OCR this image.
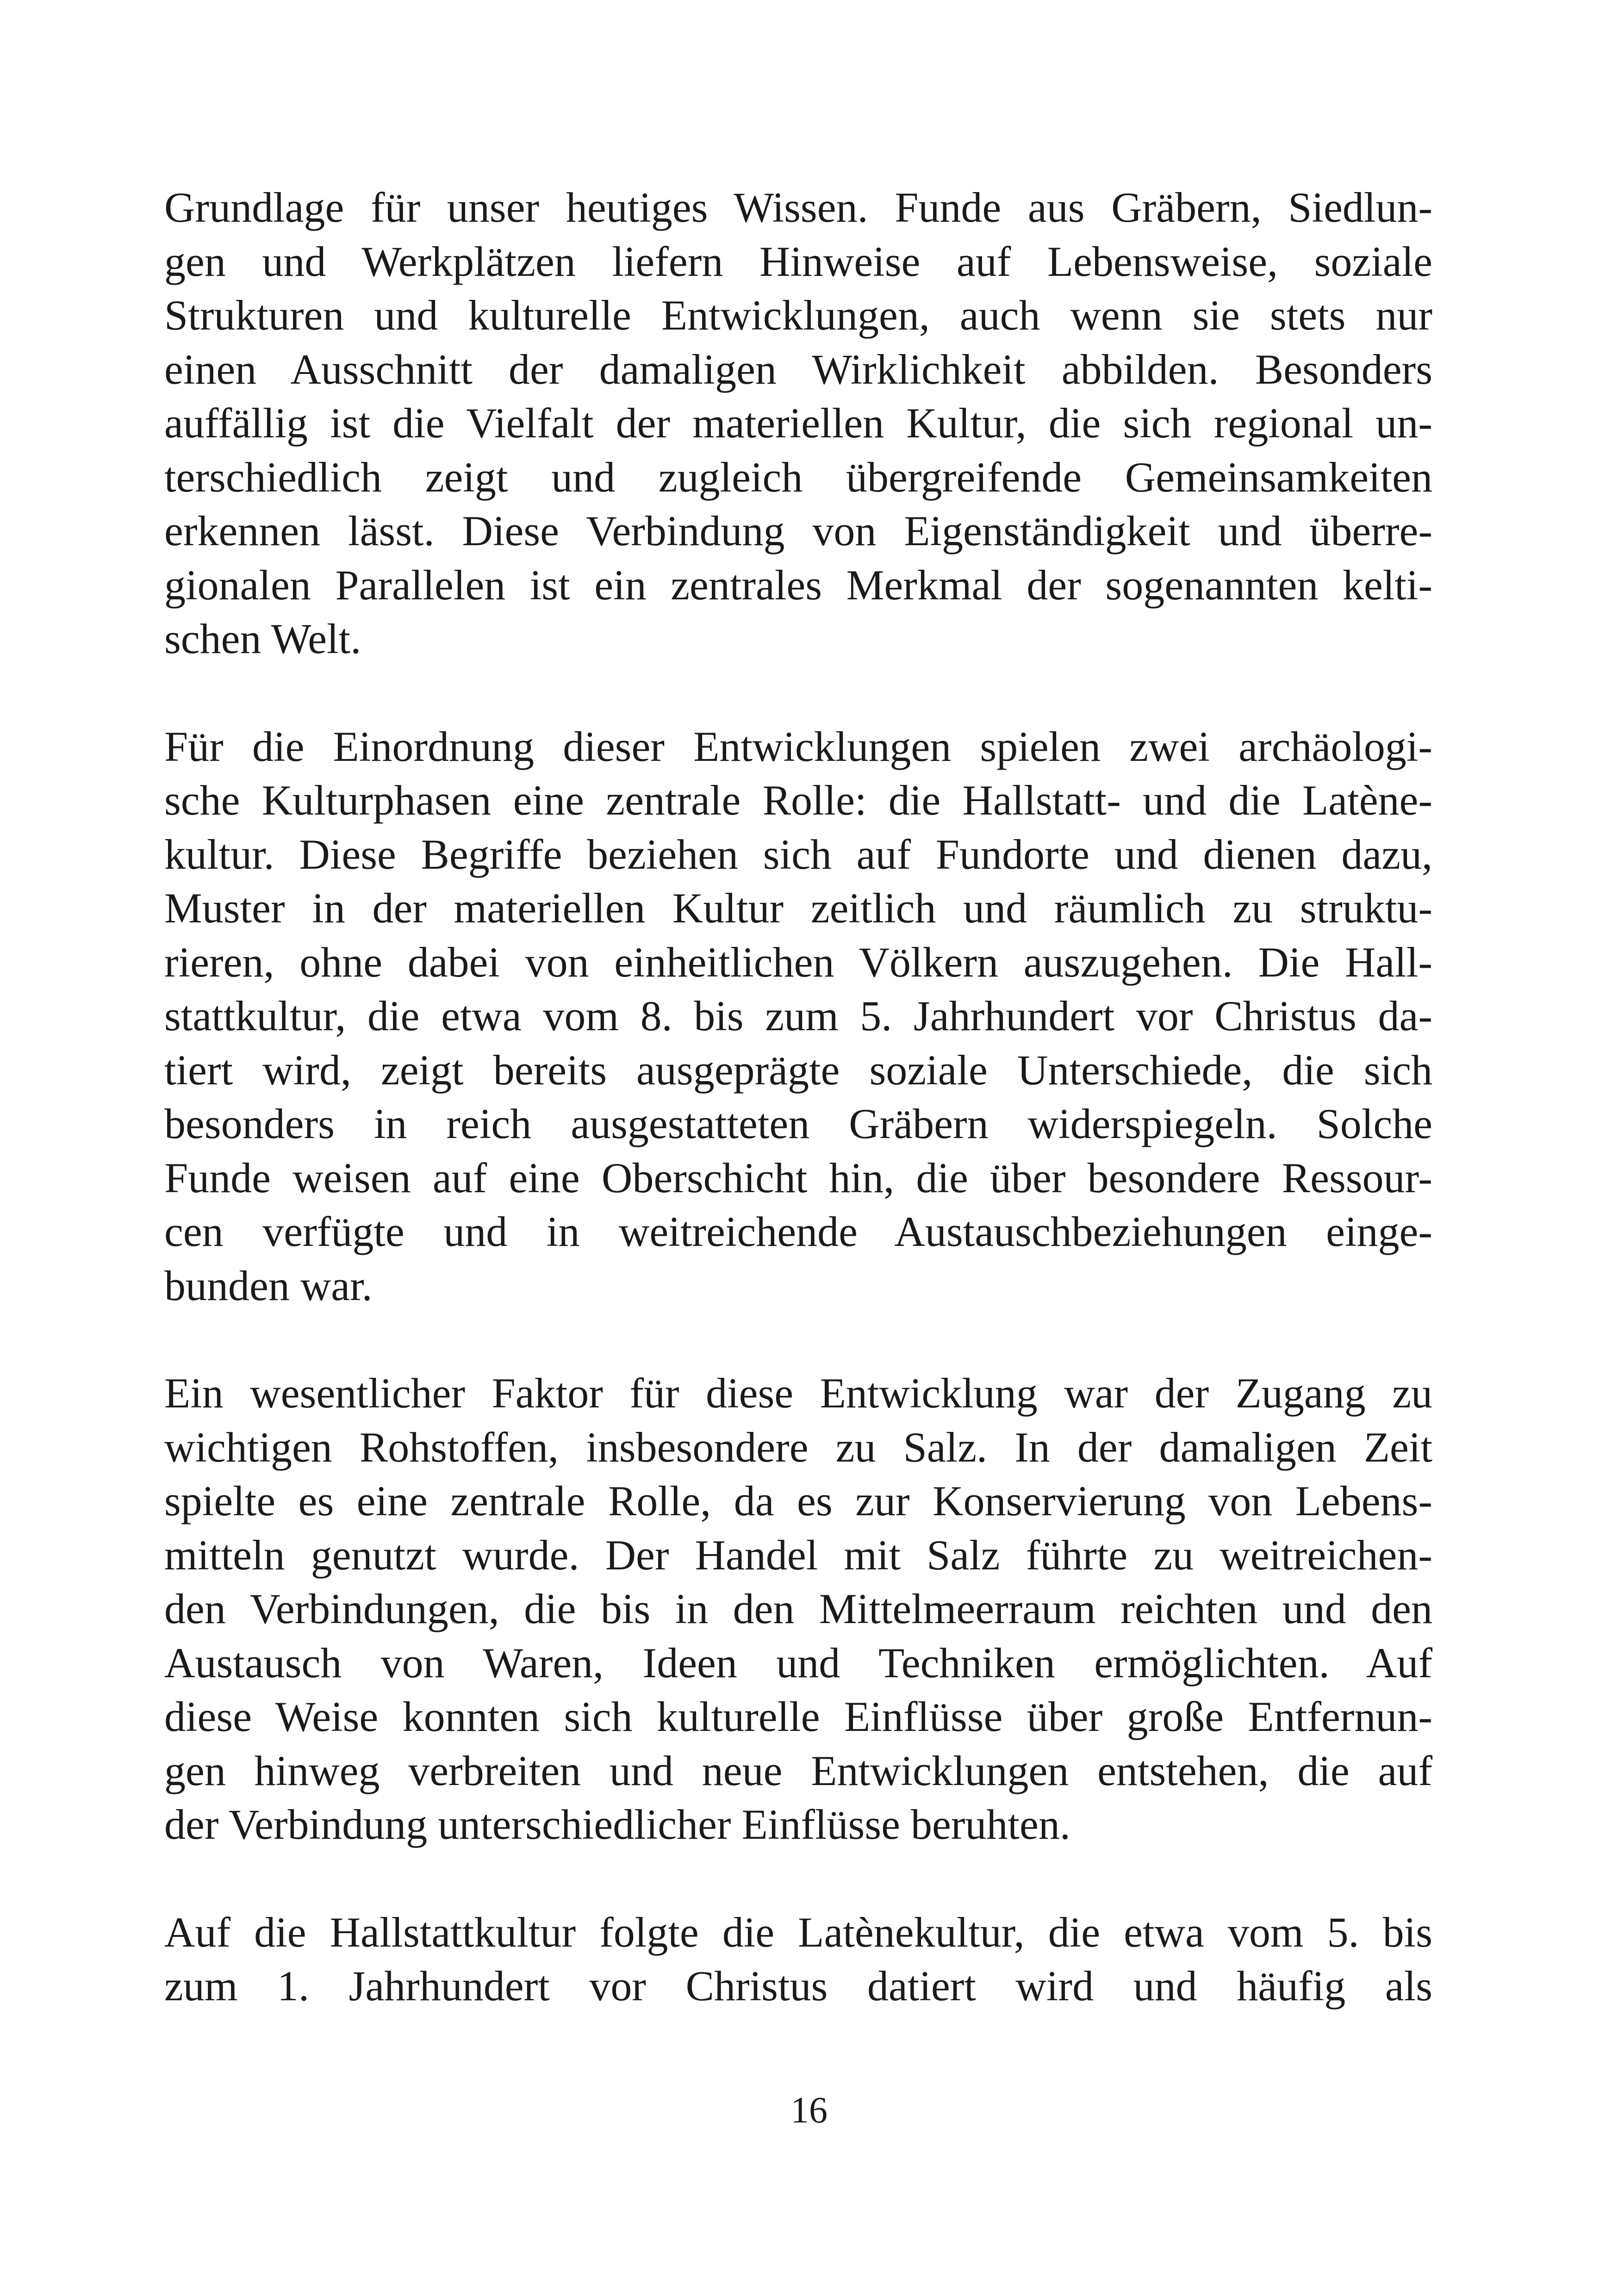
Grundlage für unser heutiges Wissen. Funde aus Gräbern, Siedlun-
gen und Werkplätzen liefern Hinweise auf Lebensweise, soziale
Strukturen und kulturelle Entwicklungen, auch wenn sie stets nur
einen Ausschnitt der damaligen Wirklichkeit abbilden. Besonders
auffällig ist die Vielfalt der materiellen Kultur, die sich regional un-
terschiedlich zeigt und zugleich übergreifende Gemeinsamkeiten
erkennen lässt. Diese Verbindung von Eigenständigkeit und überre-
gionalen Parallelen ist ein zentrales Merkmal der sogenannten kelti-
schen Welt.

Für die Einordnung dieser Entwicklungen spielen zwei archäologi-
sche Kulturphasen eine zentrale Rolle: die Hallstatt- und die Latène-
kultur. Diese Begriffe beziehen sich auf Fundorte und dienen dazu,
Muster in der materiellen Kultur zeitlich und räumlich zu struktu-
rieren, ohne dabei von einheitlichen Völkern auszugehen. Die Hall-
stattkultur, die etwa vom 8. bis zum 5. Jahrhundert vor Christus da-
tiert wird, zeigt bereits ausgeprägte soziale Unterschiede, die sich
besonders in reich ausgestatteten Gräbern widerspiegeln. Solche
Funde weisen auf eine Oberschicht hin, die über besondere Ressour-
cen verfügte und in weitreichende Austauschbeziehungen einge-
bunden war.

Ein wesentlicher Faktor für diese Entwicklung war der Zugang zu
wichtigen Rohstoffen, insbesondere zu Salz. In der damaligen Zeit
spielte es eine zentrale Rolle, da es zur Konservierung von Lebens-
mitteln genutzt wurde. Der Handel mit Salz führte zu weitreichen-
den Verbindungen, die bis in den Mittelmeerraum reichten und den
Austausch von Waren, Ideen und Techniken ermöglichten. Auf
diese Weise konnten sich kulturelle Einflüsse über große Entfernun-
gen hinweg verbreiten und neue Entwicklungen entstehen, die auf
der Verbindung unterschiedlicher Einflüsse beruhten.

Auf die Hallstattkultur folgte die Latènekultur, die etwa vom 5. bis
zum 1. Jahrhundert vor Christus datiert wird und häufig als

16
